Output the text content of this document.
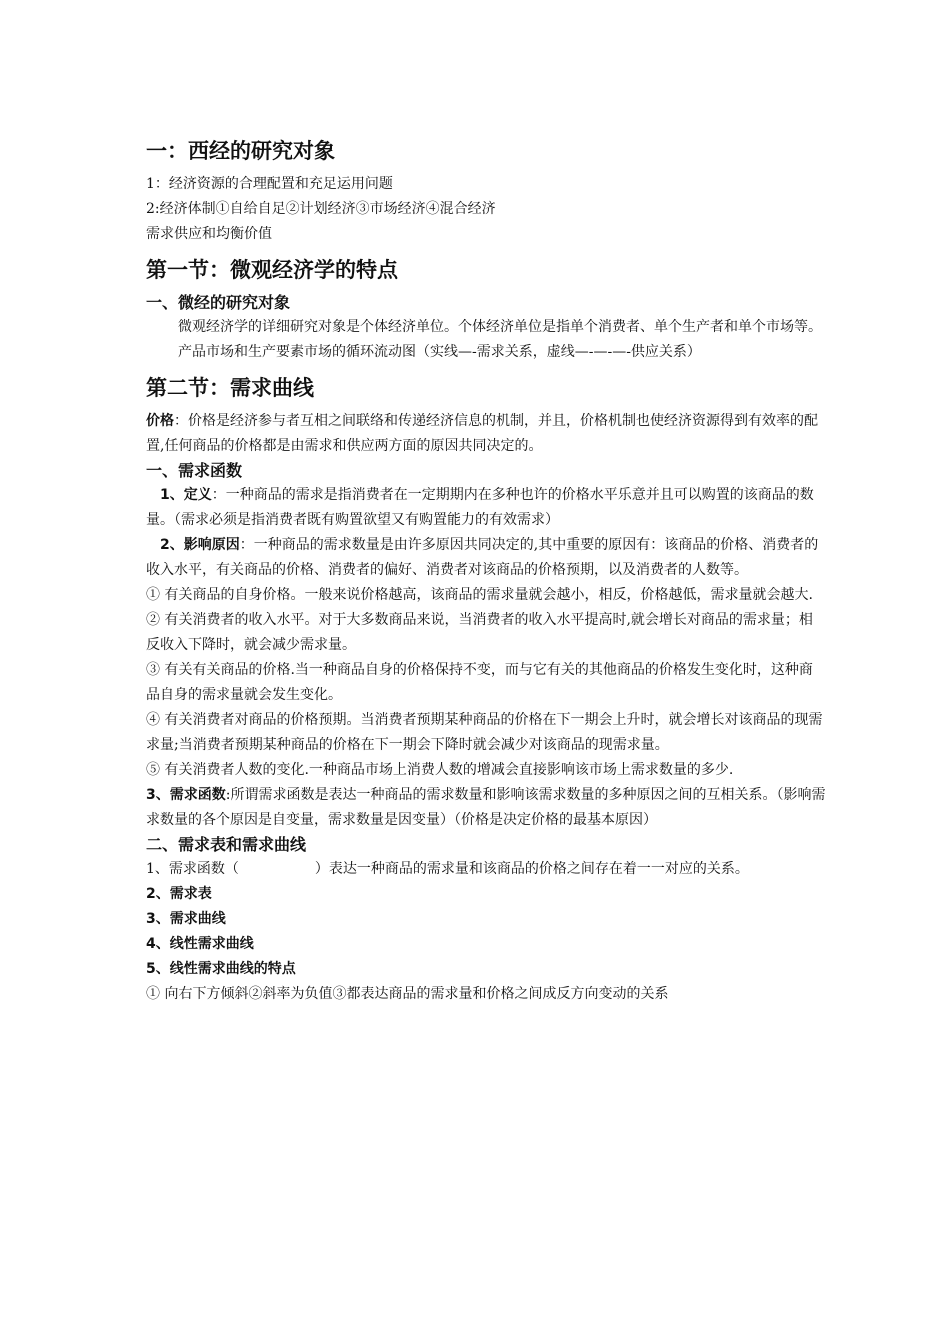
一：西经的研究对象

1：经济资源的合理配置和充足运用问题

2:经济体制①自给自足②计划经济③市场经济④混合经济

需求供应和均衡价值

第一节：微观经济学的特点
一、微经的研究对象

微观经济学的详细研究对象是个体经济单位。个体经济单位是指单个消费者、单个生产者和单个市场等。

产品市场和生产要素市场的循环流动图（实线—-需求关系，虚线—-—-—-供应关系）

第二节：需求曲线

价格：价格是经济参与者互相之间联络和传递经济信息的机制，并且，价格机制也使经济资源得到有效率的配置,任何商品的价格都是由需求和供应两方面的原因共同决定的。

一、需求函数

1、定义：一种商品的需求是指消费者在一定期期内在多种也许的价格水平乐意并且可以购置的该商品的数量。（需求必须是指消费者既有购置欲望又有购置能力的有效需求）

2、影响原因：一种商品的需求数量是由许多原因共同决定的,其中重要的原因有：该商品的价格、消费者的收入水平，有关商品的价格、消费者的偏好、消费者对该商品的价格预期，以及消费者的人数等。

① 有关商品的自身价格。一般来说价格越高，该商品的需求量就会越小，相反，价格越低，需求量就会越大.

② 有关消费者的收入水平。对于大多数商品来说，当消费者的收入水平提高时,就会增长对商品的需求量；相反收入下降时，就会减少需求量。

③ 有关有关商品的价格.当一种商品自身的价格保持不变，而与它有关的其他商品的价格发生变化时，这种商品自身的需求量就会发生变化。

④ 有关消费者对商品的价格预期。当消费者预期某种商品的价格在下一期会上升时，就会增长对该商品的现需求量;当消费者预期某种商品的价格在下一期会下降时就会减少对该商品的现需求量。

⑤ 有关消费者人数的变化.一种商品市场上消费人数的增减会直接影响该市场上需求数量的多少.

3、需求函数:所谓需求函数是表达一种商品的需求数量和影响该需求数量的多种原因之间的互相关系。（影响需求数量的各个原因是自变量，需求数量是因变量）（价格是决定价格的最基本原因）

二、需求表和需求曲线

1、需求函数（	）表达一种商品的需求量和该商品的价格之间存在着一一对应的关系。

2、需求表

3、需求曲线

4、线性需求曲线

5、线性需求曲线的特点

① 向右下方倾斜②斜率为负值③都表达商品的需求量和价格之间成反方向变动的关系
